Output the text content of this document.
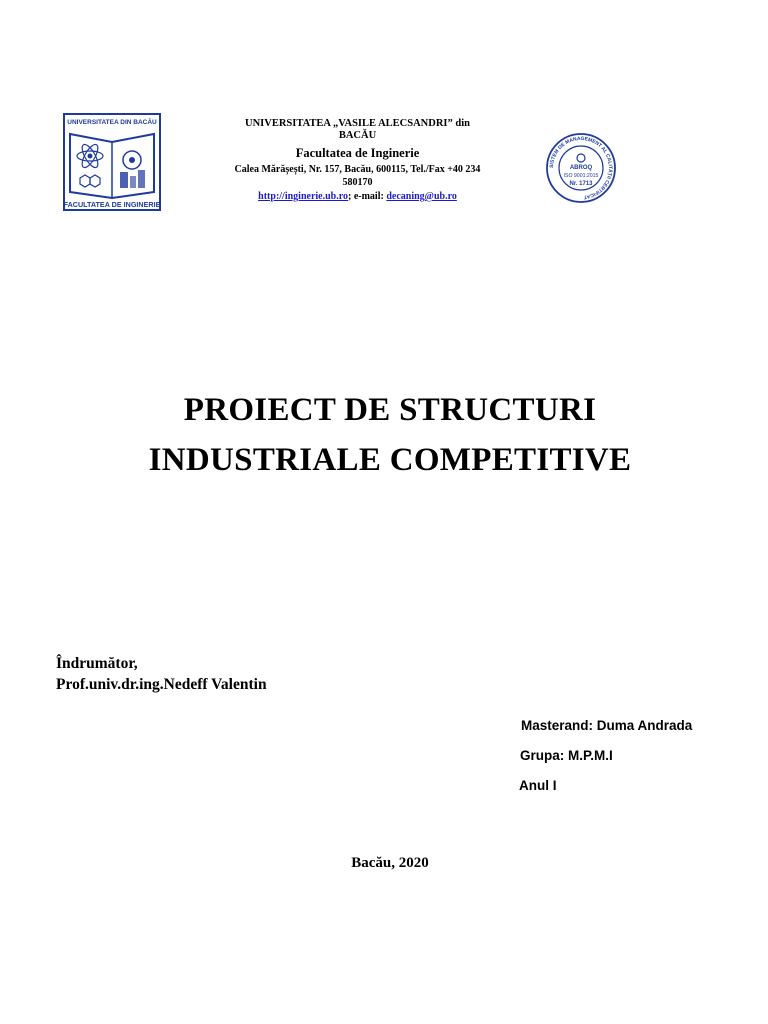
UNIVERSITATEA DIN BACĂU
FACULTATEA DE INGINERIE
UNIVERSITATEA „VASILE ALECSANDRI” din
BACĂU
Facultatea de Inginerie
Calea Mărășești, Nr. 157, Bacău, 600115, Tel./Fax +40 234
580170
http://inginerie.ub.ro; e-mail: decaning@ub.ro
SISTEM DE MANAGEMENT AL CALITĂȚII CERTIFICAT
ABROQ
ISO 9001:2015
Nr. 1713
PROIECT DE STRUCTURI
INDUSTRIALE COMPETITIVE
Îndrumător,
Prof.univ.dr.ing.Nedeff Valentin
Masterand: Duma Andrada
Grupa: M.P.M.I
Anul I
Bacău, 2020
